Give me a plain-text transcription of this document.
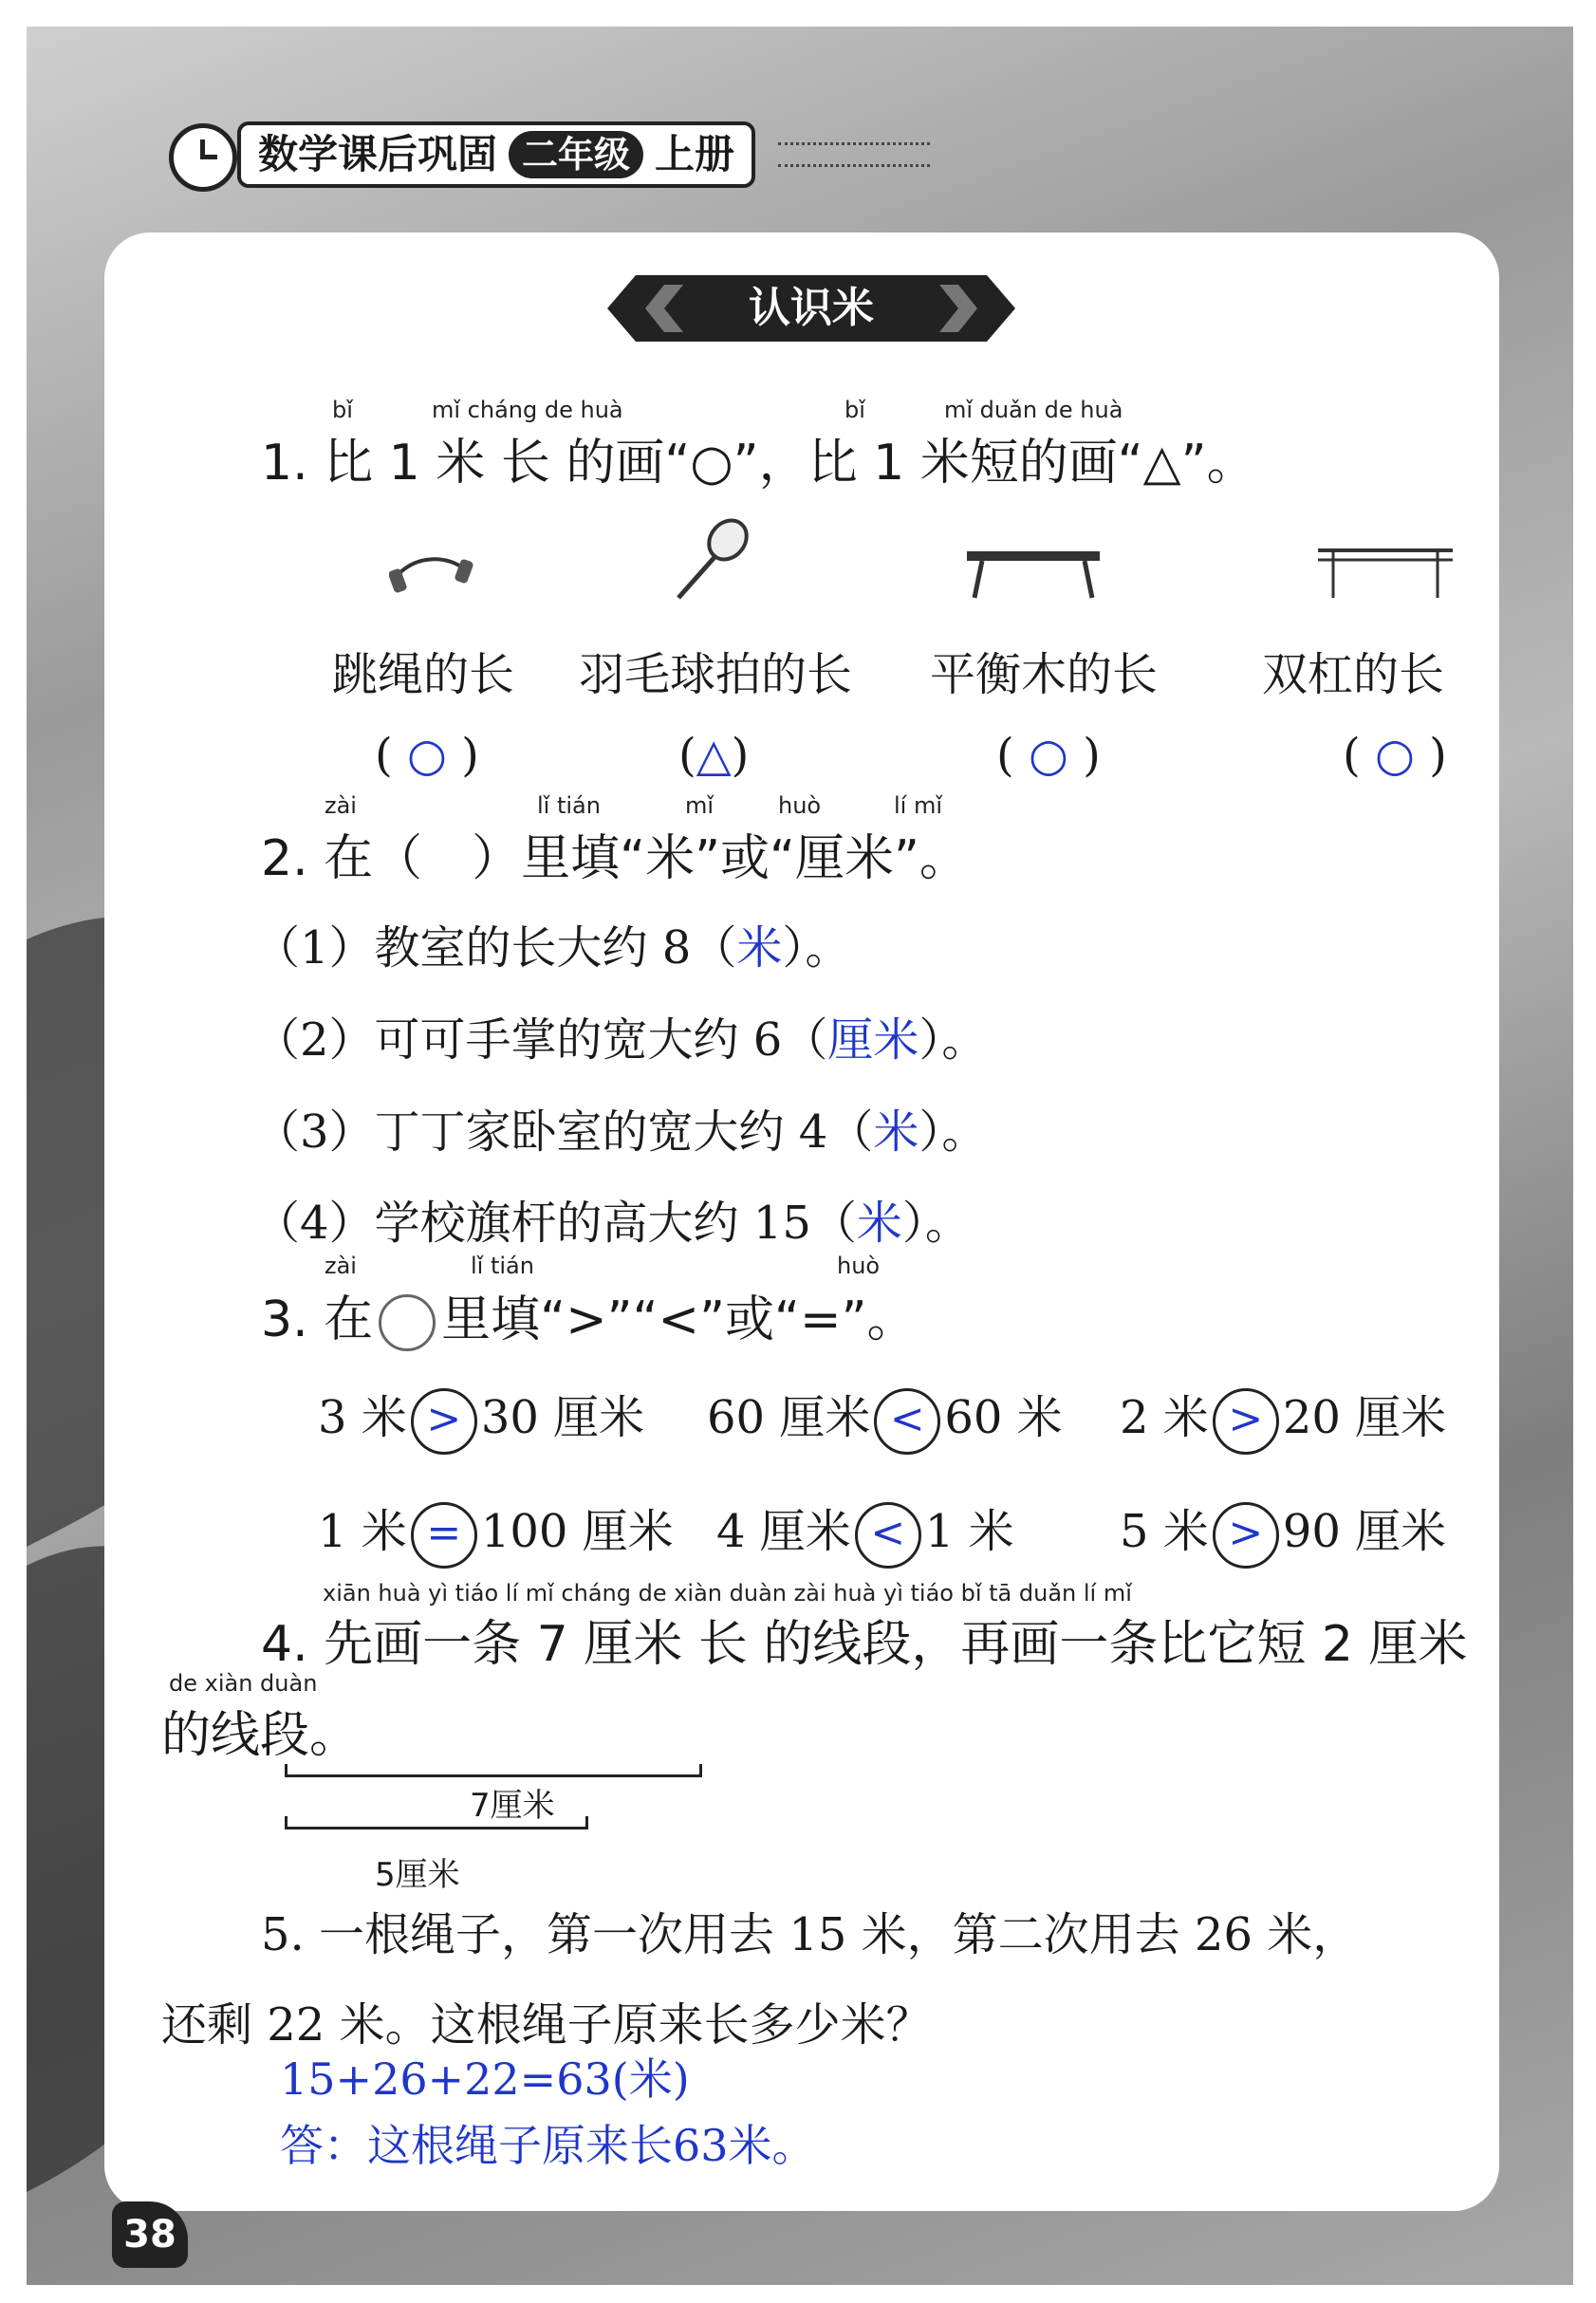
数学课后巩固 二年级 上册
认识米
zyjl.cn
bǐ	mǐ cháng de huà	bǐ	mǐ duǎn de huà
1. 比 1 米 长 的画“○”，比 1 米短的画“△”。
跳绳的长 羽毛球拍的长 平衡木的长 双杠的长
( ○ )	(△)	( ○ )	( ○ )
zài	lǐ tián	mǐ	huò	lí mǐ
2. 在（　）里填“米”或“厘米”。
（1）教室的长大约 8（米）。
（2）可可手掌的宽大约 6（厘米）。
（3）丁丁家卧室的宽大约 4（米）。
（4）学校旗杆的高大约 15（米）。
zài	lǐ tián	huò
3. 在 里填“>”“<”或“=”。
3 米 > 30 厘米 60 厘米 < 60 米 2 米 > 20 厘米
1 米 = 100 厘米 4 厘米 < 1 米 5 米 > 90 厘米
xiān huà yì tiáo lí mǐ cháng de xiàn duàn zài huà yì tiáo bǐ tā duǎn lí mǐ
4. 先画一条 7 厘米 长 的线段，再画一条比它短 2 厘米
de xiàn duàn
的线段。
7厘米
5厘米
5. 一根绳子，第一次用去 15 米，第二次用去 26 米，
还剩 22 米。这根绳子原来长多少米？
15+26+22=63(米)
答：这根绳子原来长63米。
38
